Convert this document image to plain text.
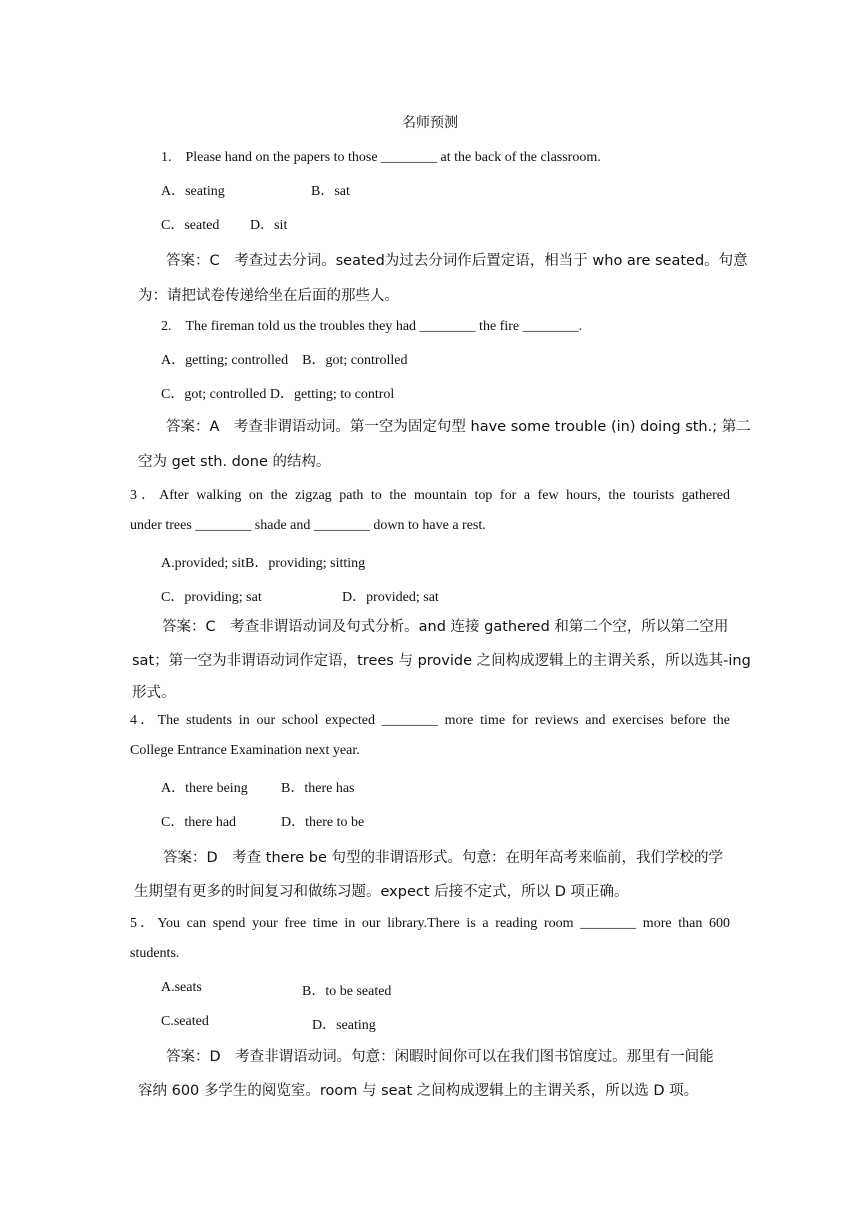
名师预测
1.　Please hand on the papers to those ________ at the back of the classroom.
A．seating	B．sat
C．seated D．sit
答案：C　考查过去分词。seated为过去分词作后置定语，相当于 who are seated。句意
为：请把试卷传递给坐在后面的那些人。
2.　The fireman told us the troubles they had ________ the fire ________.
A．getting; controlled　B．got; controlled
C．got; controlled D．getting; to control
答案：A　考查非谓语动词。第一空为固定句型 have some trouble (in) doing sth.; 第二
空为 get sth. done 的结构。
3．After walking on the zigzag path to the mountain top for a few hours, the tourists gathered
under trees ________ shade and ________ down to have a rest.
A.provided; sitB．providing; sitting
C．providing; sat	D．provided; sat
答案：C　考查非谓语动词及句式分析。and 连接 gathered 和第二个空，所以第二空用
sat；第一空为非谓语动词作定语，trees 与 provide 之间构成逻辑上的主谓关系，所以选其-ing
形式。
4．The students in our school expected ________ more time for reviews and exercises before the
College Entrance Examination next year.
A．there being B．there has
C．there had	D．there to be
答案：D　考查 there be 句型的非谓语形式。句意：在明年高考来临前，我们学校的学
生期望有更多的时间复习和做练习题。expect 后接不定式，所以 D 项正确。
5．You can spend your free time in our library.There is a reading room ________ more than 600
students.
A.seats	B．to be seated
C.seated	D．seating
答案：D　考查非谓语动词。句意：闲暇时间你可以在我们图书馆度过。那里有一间能
容纳 600 多学生的阅览室。room 与 seat 之间构成逻辑上的主谓关系，所以选 D 项。
